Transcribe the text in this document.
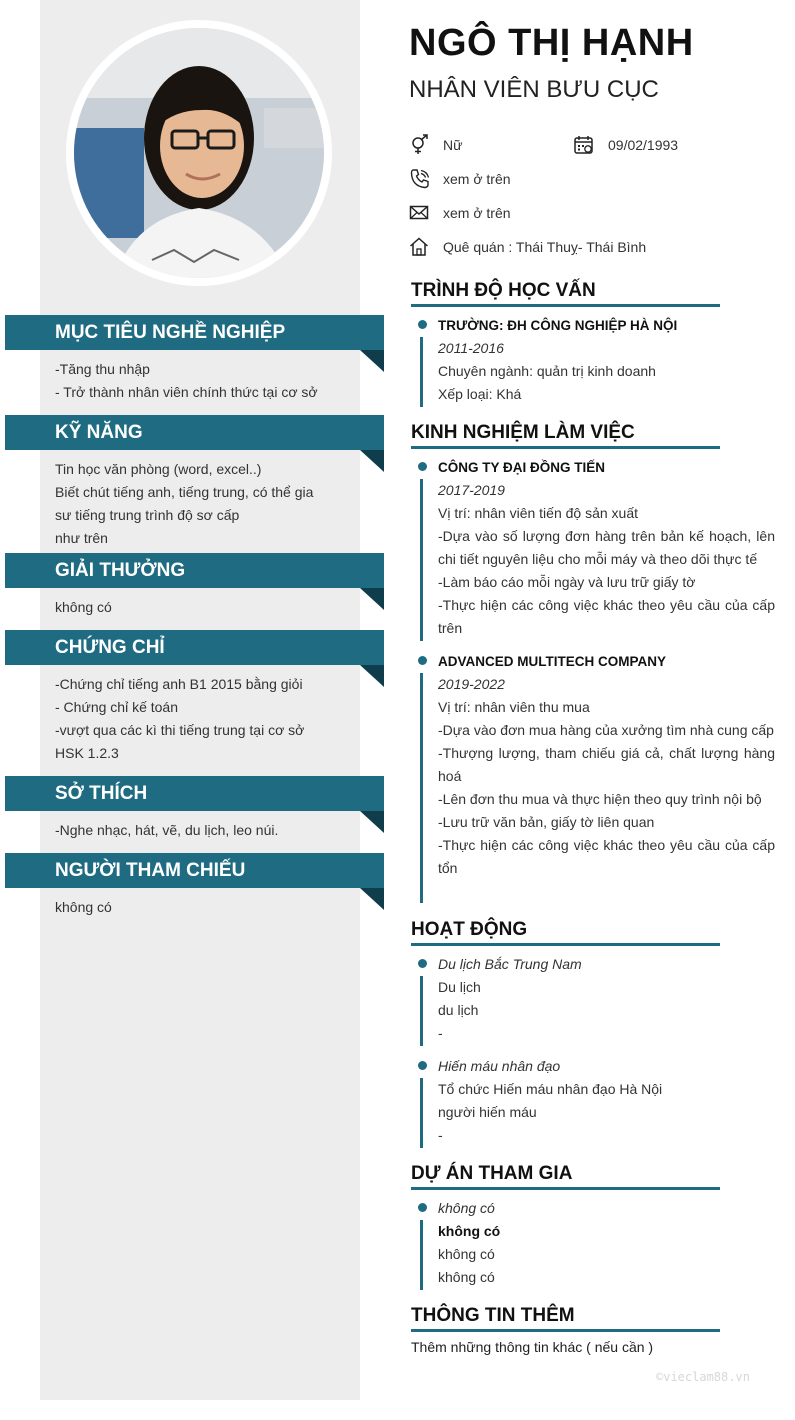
MỤC TIÊU NGHỀ NGHIỆP
-Tăng thu nhập
- Trở thành nhân viên chính thức tại cơ sở
KỸ NĂNG
Tin học văn phòng (word, excel..)
Biết chút tiếng anh, tiếng trung, có thể gia
sư tiếng trung trình độ sơ cấp
như trên
GIẢI THƯỞNG
không có
CHỨNG CHỈ
-Chứng chỉ tiếng anh B1 2015 bằng giỏi
- Chứng chỉ kế toán
-vượt qua các kì thi tiếng trung tại cơ sở
HSK 1.2.3
SỞ THÍCH
-Nghe nhạc, hát, vẽ, du lịch, leo núi.
NGƯỜI THAM CHIẾU
không có
NGÔ THỊ HẠNH
NHÂN VIÊN BƯU CỤC
Nữ	09/02/1993
xem ở trên
xem ở trên
Quê quán : Thái Thuỵ- Thái Bình
TRÌNH ĐỘ HỌC VẤN
TRƯỜNG: ĐH CÔNG NGHIỆP HÀ NỘI
2011-2016
Chuyên ngành: quản trị kinh doanh
Xếp loại: Khá
KINH NGHIỆM LÀM VIỆC
CÔNG TY ĐẠI ĐỒNG TIẾN
2017-2019
Vị trí: nhân viên tiến độ sản xuất
-Dựa vào số lượng đơn hàng trên bản kế hoạch, lên chi tiết nguyên liệu cho mỗi máy và theo dõi thực tế
-Làm báo cáo mỗi ngày và lưu trữ giấy tờ
-Thực hiện các công việc khác theo yêu cầu của cấp trên
ADVANCED MULTITECH COMPANY
2019-2022
Vị trí: nhân viên thu mua
-Dựa vào đơn mua hàng của xưởng tìm nhà cung cấp
-Thượng lượng, tham chiếu giá cả, chất lượng hàng hoá
-Lên đơn thu mua và thực hiện theo quy trình nội bộ
-Lưu trữ văn bản, giấy tờ liên quan
-Thực hiện các công việc khác theo yêu cầu của cấp tổn
HOẠT ĐỘNG
Du lịch Bắc Trung Nam
Du lịch
du lịch
-
Hiến máu nhân đạo
Tổ chức Hiến máu nhân đạo Hà Nội
người hiến máu
-
DỰ ÁN THAM GIA
không có
không có
không có
không có
THÔNG TIN THÊM
Thêm những thông tin khác ( nếu cần )
©vieclam88.vn
